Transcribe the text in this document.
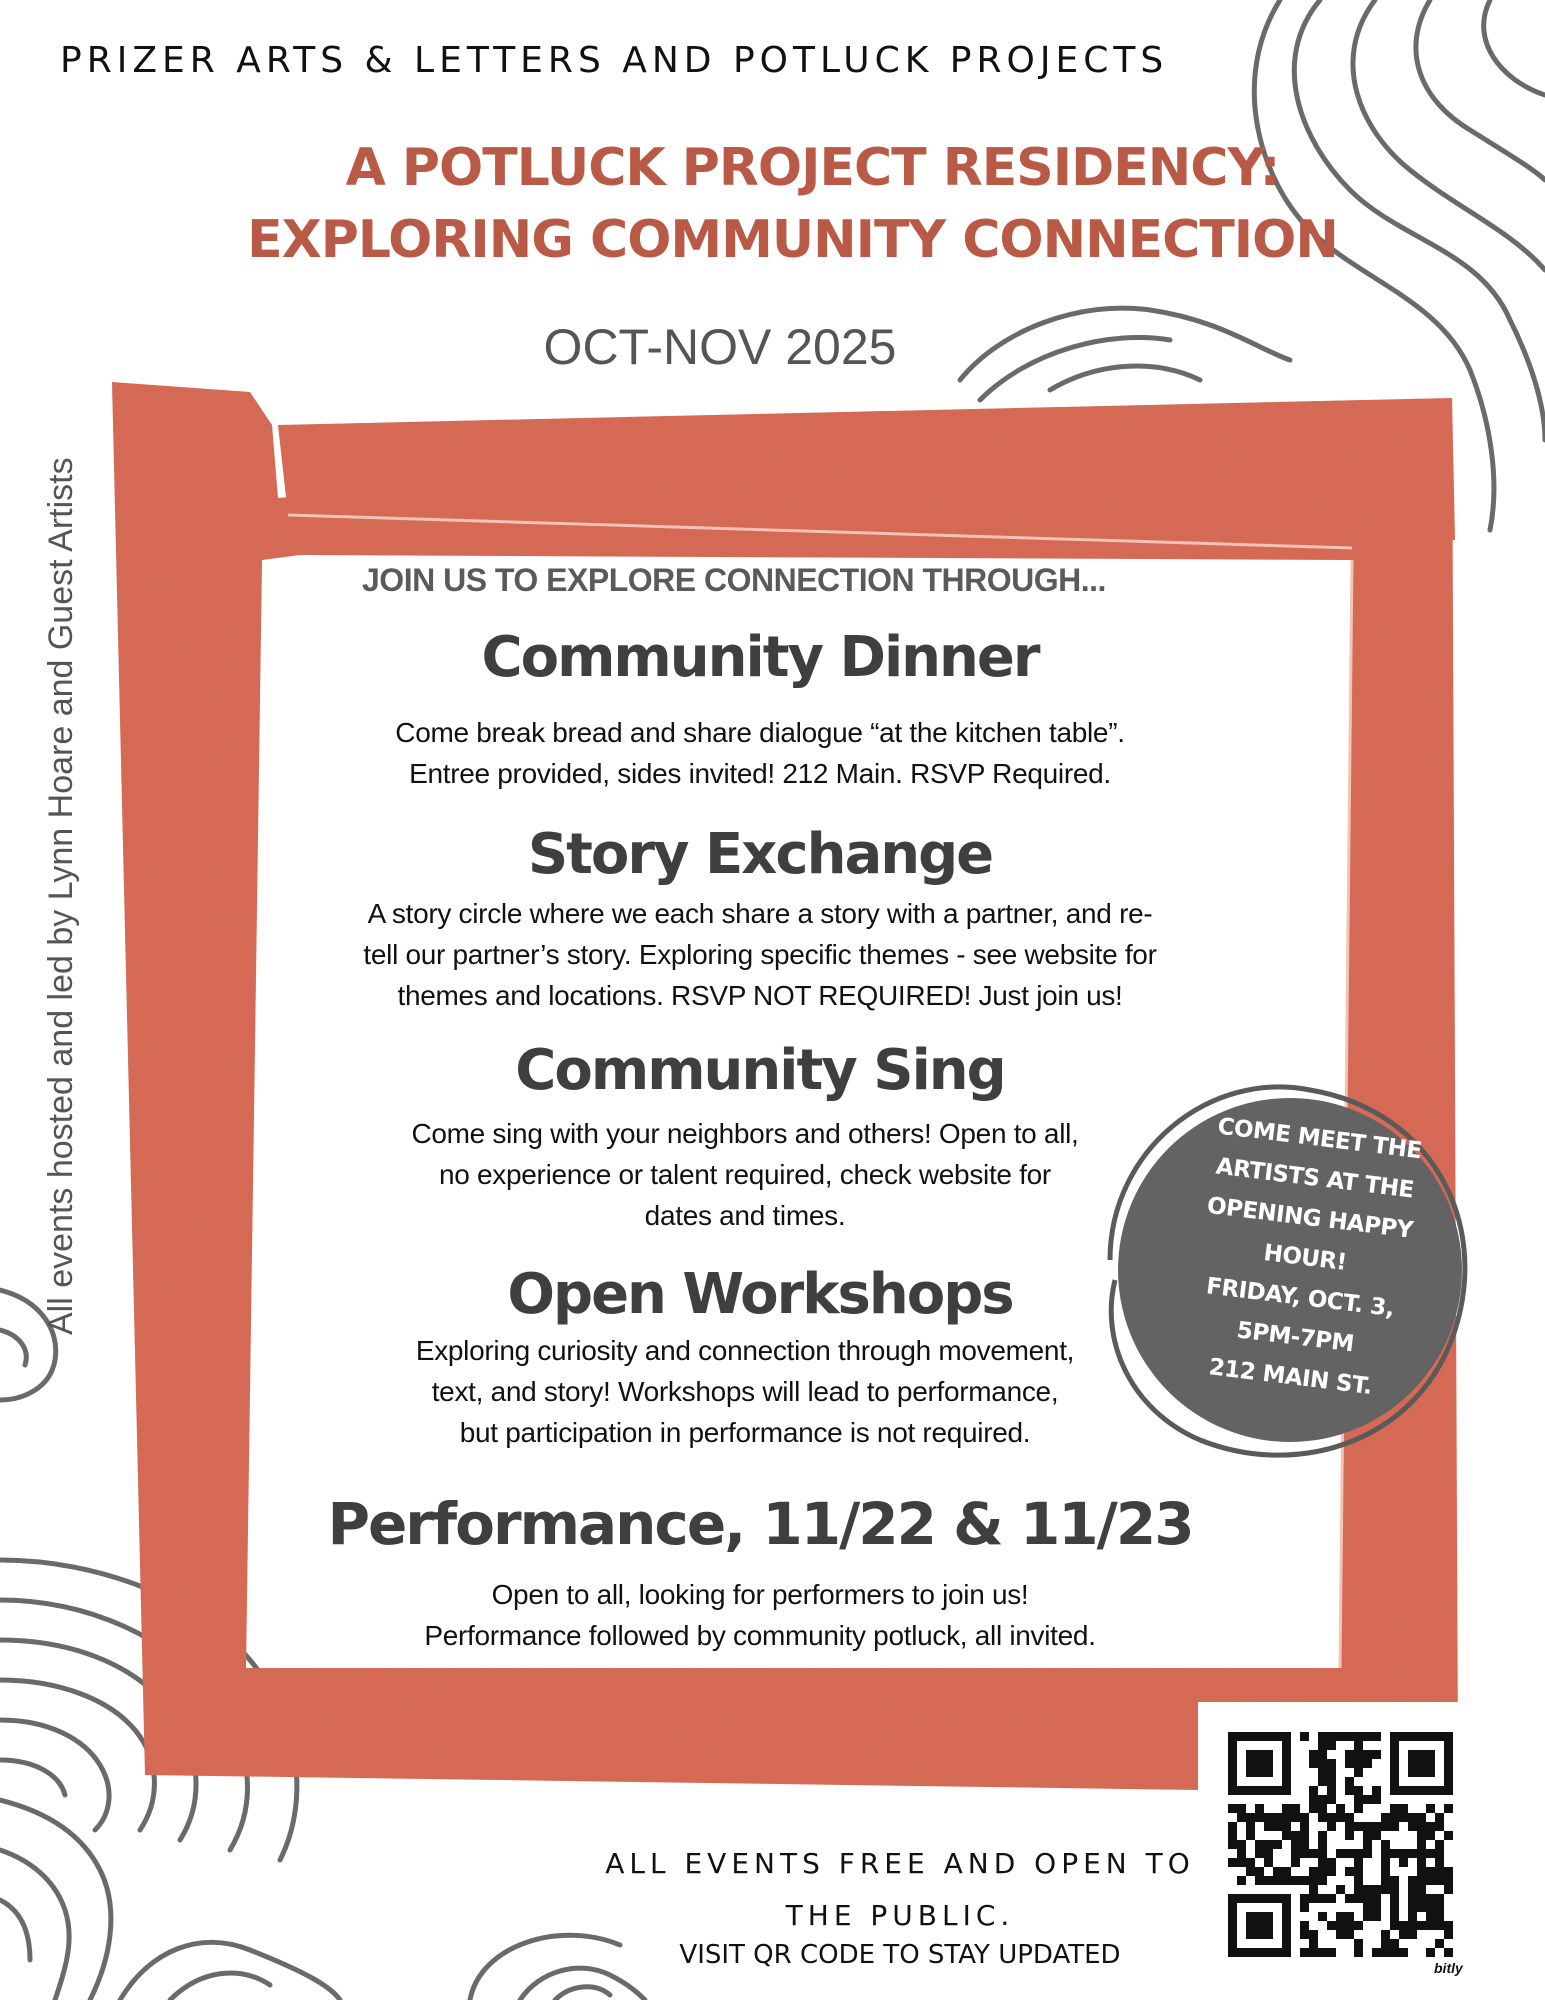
PRIZER ARTS & LETTERS AND POTLUCK PROJECTS
A POTLUCK PROJECT RESIDENCY:
EXPLORING COMMUNITY CONNECTION
OCT-NOV 2025
All events hosted and led by Lynn Hoare and Guest Artists	JOIN US TO EXPLORE CONNECTION THROUGH...
Community Dinner
Come break bread and share dialogue “at the kitchen table”.
Entree provided, sides invited! 212 Main. RSVP Required.
Story Exchange
A story circle where we each share a story with a partner, and re-
tell our partner’s story. Exploring specific themes - see website for
themes and locations. RSVP NOT REQUIRED! Just join us!
Community Sing
Come sing with your neighbors and others! Open to all,
no experience or talent required, check website for
dates and times.
Open Workshops
Exploring curiosity and connection through movement,
text, and story! Workshops will lead to performance,
but participation in performance is not required.
Performance, 11/22 & 11/23
Open to all, looking for performers to join us!
Performance followed by community potluck, all invited.
COME MEET THE
ARTISTS AT THE
OPENING HAPPY
HOUR!
FRIDAY, OCT. 3,
5PM-7PM
212 MAIN ST.
ALL EVENTS FREE AND OPEN TO
THE PUBLIC.
VISIT QR CODE TO STAY UPDATED	bitly
